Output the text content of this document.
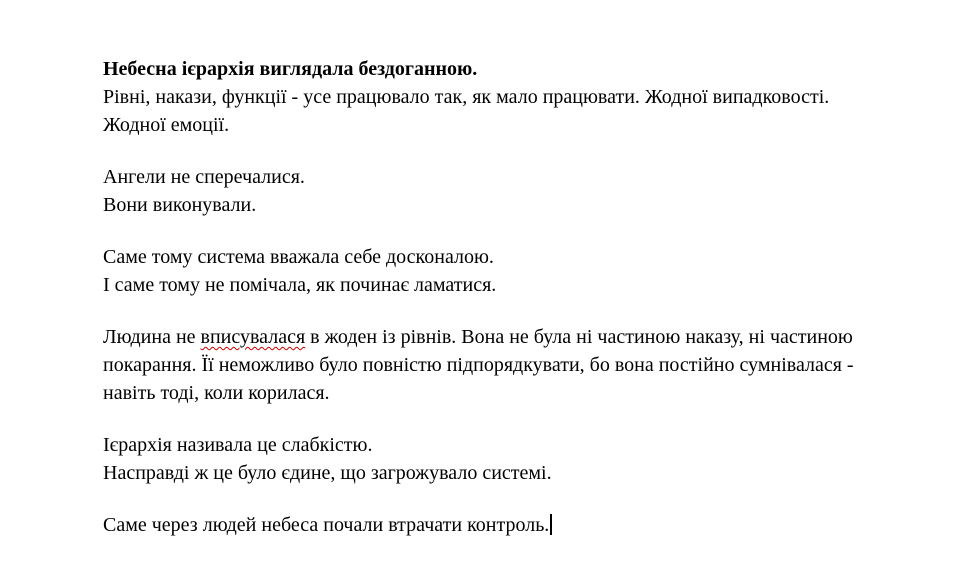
Небесна ієрархія виглядала бездоганною.
Рівні, накази, функції - усе працювало так, як мало працювати. Жодної випадковості.
Жодної емоції.
Ангели не сперечалися.
Вони виконували.
Саме тому система вважала себе досконалою.
І саме тому не помічала, як починає ламатися.
Людина не вписувалася в жоден із рівнів. Вона не була ні частиною наказу, ні частиною
покарання. Її неможливо було повністю підпорядкувати, бо вона постійно сумнівалася -
навіть тоді, коли корилася.
Ієрархія називала це слабкістю.
Насправді ж це було єдине, що загрожувало системі.
Саме через людей небеса почали втрачати контроль.
